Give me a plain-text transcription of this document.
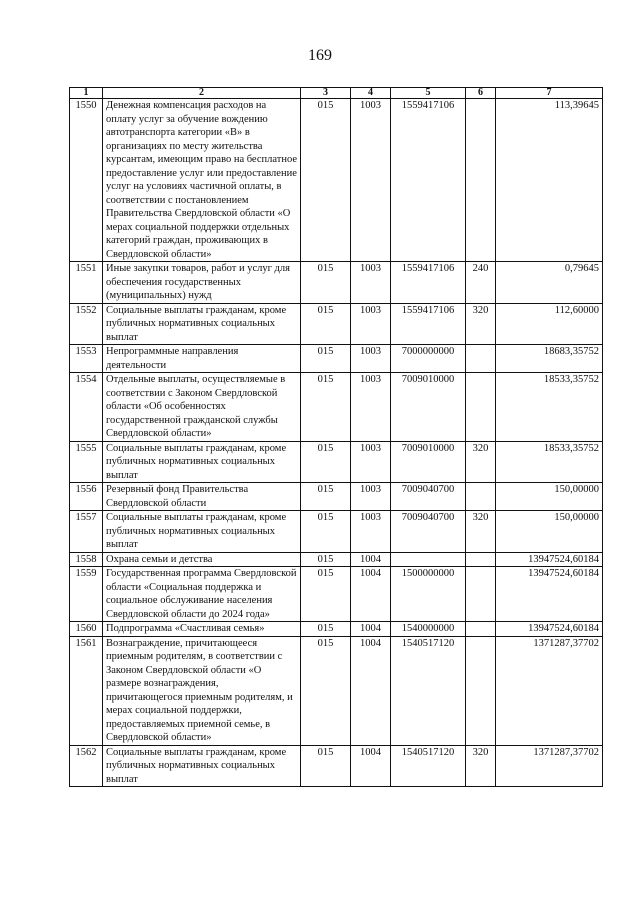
169
1	2	3	4	5	6	7
1550	Денежная компенсация расходов на оплату услуг за обучение вождению автотранспорта категории «В» в организациях по месту жительства курсантам, имеющим право на бесплатное предоставление услуг или предоставление услуг на условиях частичной оплаты, в соответствии с постановлением Правительства Свердловской области «О мерах социальной поддержки отдельных категорий граждан, проживающих в Свердловской области»	015	1003	1559417106		113,39645
1551	Иные закупки товаров, работ и услуг для обеспечения государственных (муниципальных) нужд	015	1003	1559417106	240	0,79645
1552	Социальные выплаты гражданам, кроме публичных нормативных социальных выплат	015	1003	1559417106	320	112,60000
1553	Непрограммные направления деятельности	015	1003	7000000000		18683,35752
1554	Отдельные выплаты, осуществляемые в соответствии с Законом Свердловской области «Об особенностях государственной гражданской службы Свердловской области»	015	1003	7009010000		18533,35752
1555	Социальные выплаты гражданам, кроме публичных нормативных социальных выплат	015	1003	7009010000	320	18533,35752
1556	Резервный фонд Правительства Свердловской области	015	1003	7009040700		150,00000
1557	Социальные выплаты гражданам, кроме публичных нормативных социальных выплат	015	1003	7009040700	320	150,00000
1558	Охрана семьи и детства	015	1004			13947524,60184
1559	Государственная программа Свердловской области «Социальная поддержка и социальное обслуживание населения Свердловской области до 2024 года»	015	1004	1500000000		13947524,60184
1560	Подпрограмма «Счастливая семья»	015	1004	1540000000		13947524,60184
1561	Вознаграждение, причитающееся приемным родителям, в соответствии с Законом Свердловской области «О размере вознаграждения, причитающегося приемным родителям, и мерах социальной поддержки, предоставляемых приемной семье, в Свердловской области»	015	1004	1540517120		1371287,37702
1562	Социальные выплаты гражданам, кроме публичных нормативных социальных выплат	015	1004	1540517120	320	1371287,37702
